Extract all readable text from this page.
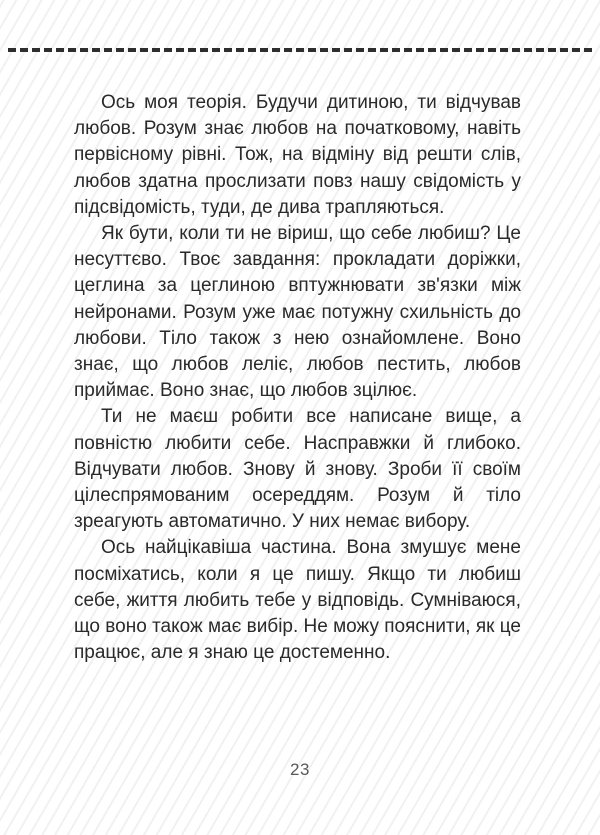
Ось моя теорія. Будучи дитиною, ти відчував любов. Розум знає любов на початковому, навіть первісному рівні. Тож, на відміну від решти слів, любов здатна прослизати повз нашу свідомість у підсвідомість, туди, де дива трапляються.

Як бути, коли ти не віриш, що себе любиш? Це несуттєво. Твоє завдання: прокладати доріжки, цеглина за цеглиною вптужнювати зв'язки між нейронами. Розум уже має потужну схильність до любови. Тіло також з нею ознайомлене. Воно знає, що любов леліє, любов пестить, любов приймає. Воно знає, що любов зцілює.

Ти не маєш робити все написане вище, а повністю любити себе. Насправжки й глибоко. Відчувати любов. Знову й знову. Зроби її своїм цілеспрямованим осереддям. Розум й тіло зреагують автоматично. У них немає вибору.

Ось найцікавіша частина. Вона змушує мене посміхатись, коли я це пишу. Якщо ти любиш себе, життя любить тебе у відповідь. Сумніваюся, що воно також має вибір. Не можу пояснити, як це працює, але я знаю це достеменно.

23
